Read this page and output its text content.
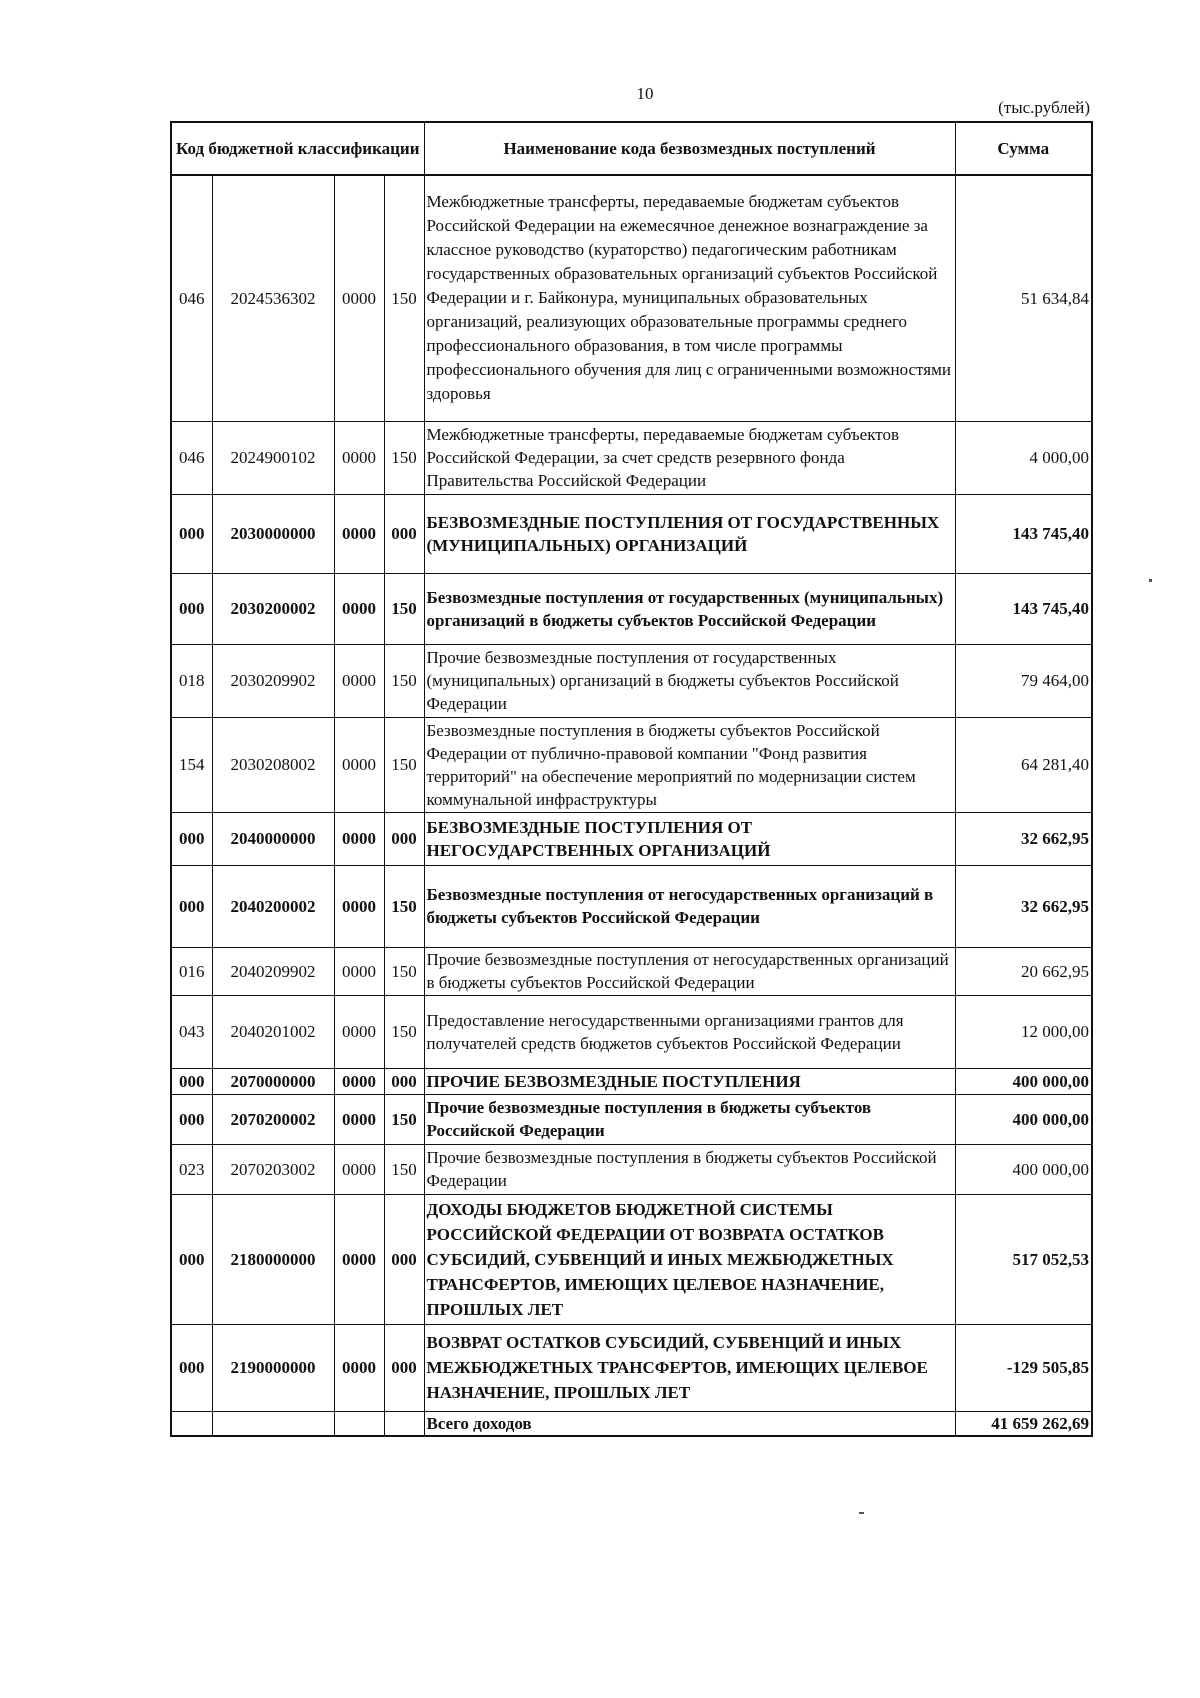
10
(тыс.рублей)
Код бюджетной классификации				Наименование кода безвозмездных поступлений	Сумма
046	2024536302	0000	150	Межбюджетные трансферты, передаваемые бюджетам субъектов Российской Федерации на ежемесячное денежное вознаграждение за классное руководство (кураторство) педагогическим работникам государственных образовательных организаций субъектов Российской Федерации и г. Байконура, муниципальных образовательных организаций, реализующих образовательные программы среднего профессионального образования, в том числе программы профессионального обучения для лиц с ограниченными возможностями здоровья	51 634,84
046	2024900102	0000	150	Межбюджетные трансферты, передаваемые бюджетам субъектов Российской Федерации, за счет средств резервного фонда Правительства Российской Федерации	4 000,00
000	2030000000	0000	000	БЕЗВОЗМЕЗДНЫЕ ПОСТУПЛЕНИЯ ОТ ГОСУДАРСТВЕННЫХ (МУНИЦИПАЛЬНЫХ) ОРГАНИЗАЦИЙ	143 745,40
000	2030200002	0000	150	Безвозмездные поступления от государственных (муниципальных) организаций в бюджеты субъектов Российской Федерации	143 745,40
018	2030209902	0000	150	Прочие безвозмездные поступления от государственных (муниципальных) организаций в бюджеты субъектов Российской Федерации	79 464,00
154	2030208002	0000	150	Безвозмездные поступления в бюджеты субъектов Российской Федерации от публично-правовой компании "Фонд развития территорий" на обеспечение мероприятий по модернизации систем коммунальной инфраструктуры	64 281,40
000	2040000000	0000	000	БЕЗВОЗМЕЗДНЫЕ ПОСТУПЛЕНИЯ ОТ НЕГОСУДАРСТВЕННЫХ ОРГАНИЗАЦИЙ	32 662,95
000	2040200002	0000	150	Безвозмездные поступления от негосударственных организаций в бюджеты субъектов Российской Федерации	32 662,95
016	2040209902	0000	150	Прочие безвозмездные поступления от негосударственных организаций в бюджеты субъектов Российской Федерации	20 662,95
043	2040201002	0000	150	Предоставление негосударственными организациями грантов для получателей средств бюджетов субъектов Российской Федерации	12 000,00
000	2070000000	0000	000	ПРОЧИЕ БЕЗВОЗМЕЗДНЫЕ ПОСТУПЛЕНИЯ	400 000,00
000	2070200002	0000	150	Прочие безвозмездные поступления в бюджеты субъектов Российской Федерации	400 000,00
023	2070203002	0000	150	Прочие безвозмездные поступления в бюджеты субъектов Российской Федерации	400 000,00
000	2180000000	0000	000	ДОХОДЫ БЮДЖЕТОВ БЮДЖЕТНОЙ СИСТЕМЫ РОССИЙСКОЙ ФЕДЕРАЦИИ ОТ ВОЗВРАТА ОСТАТКОВ СУБСИДИЙ, СУБВЕНЦИЙ И ИНЫХ МЕЖБЮДЖЕТНЫХ ТРАНСФЕРТОВ, ИМЕЮЩИХ ЦЕЛЕВОЕ НАЗНАЧЕНИЕ, ПРОШЛЫХ ЛЕТ	517 052,53
000	2190000000	0000	000	ВОЗВРАТ ОСТАТКОВ СУБСИДИЙ, СУБВЕНЦИЙ И ИНЫХ МЕЖБЮДЖЕТНЫХ ТРАНСФЕРТОВ, ИМЕЮЩИХ ЦЕЛЕВОЕ НАЗНАЧЕНИЕ, ПРОШЛЫХ ЛЕТ	-129 505,85
				Всего доходов	41 659 262,69
